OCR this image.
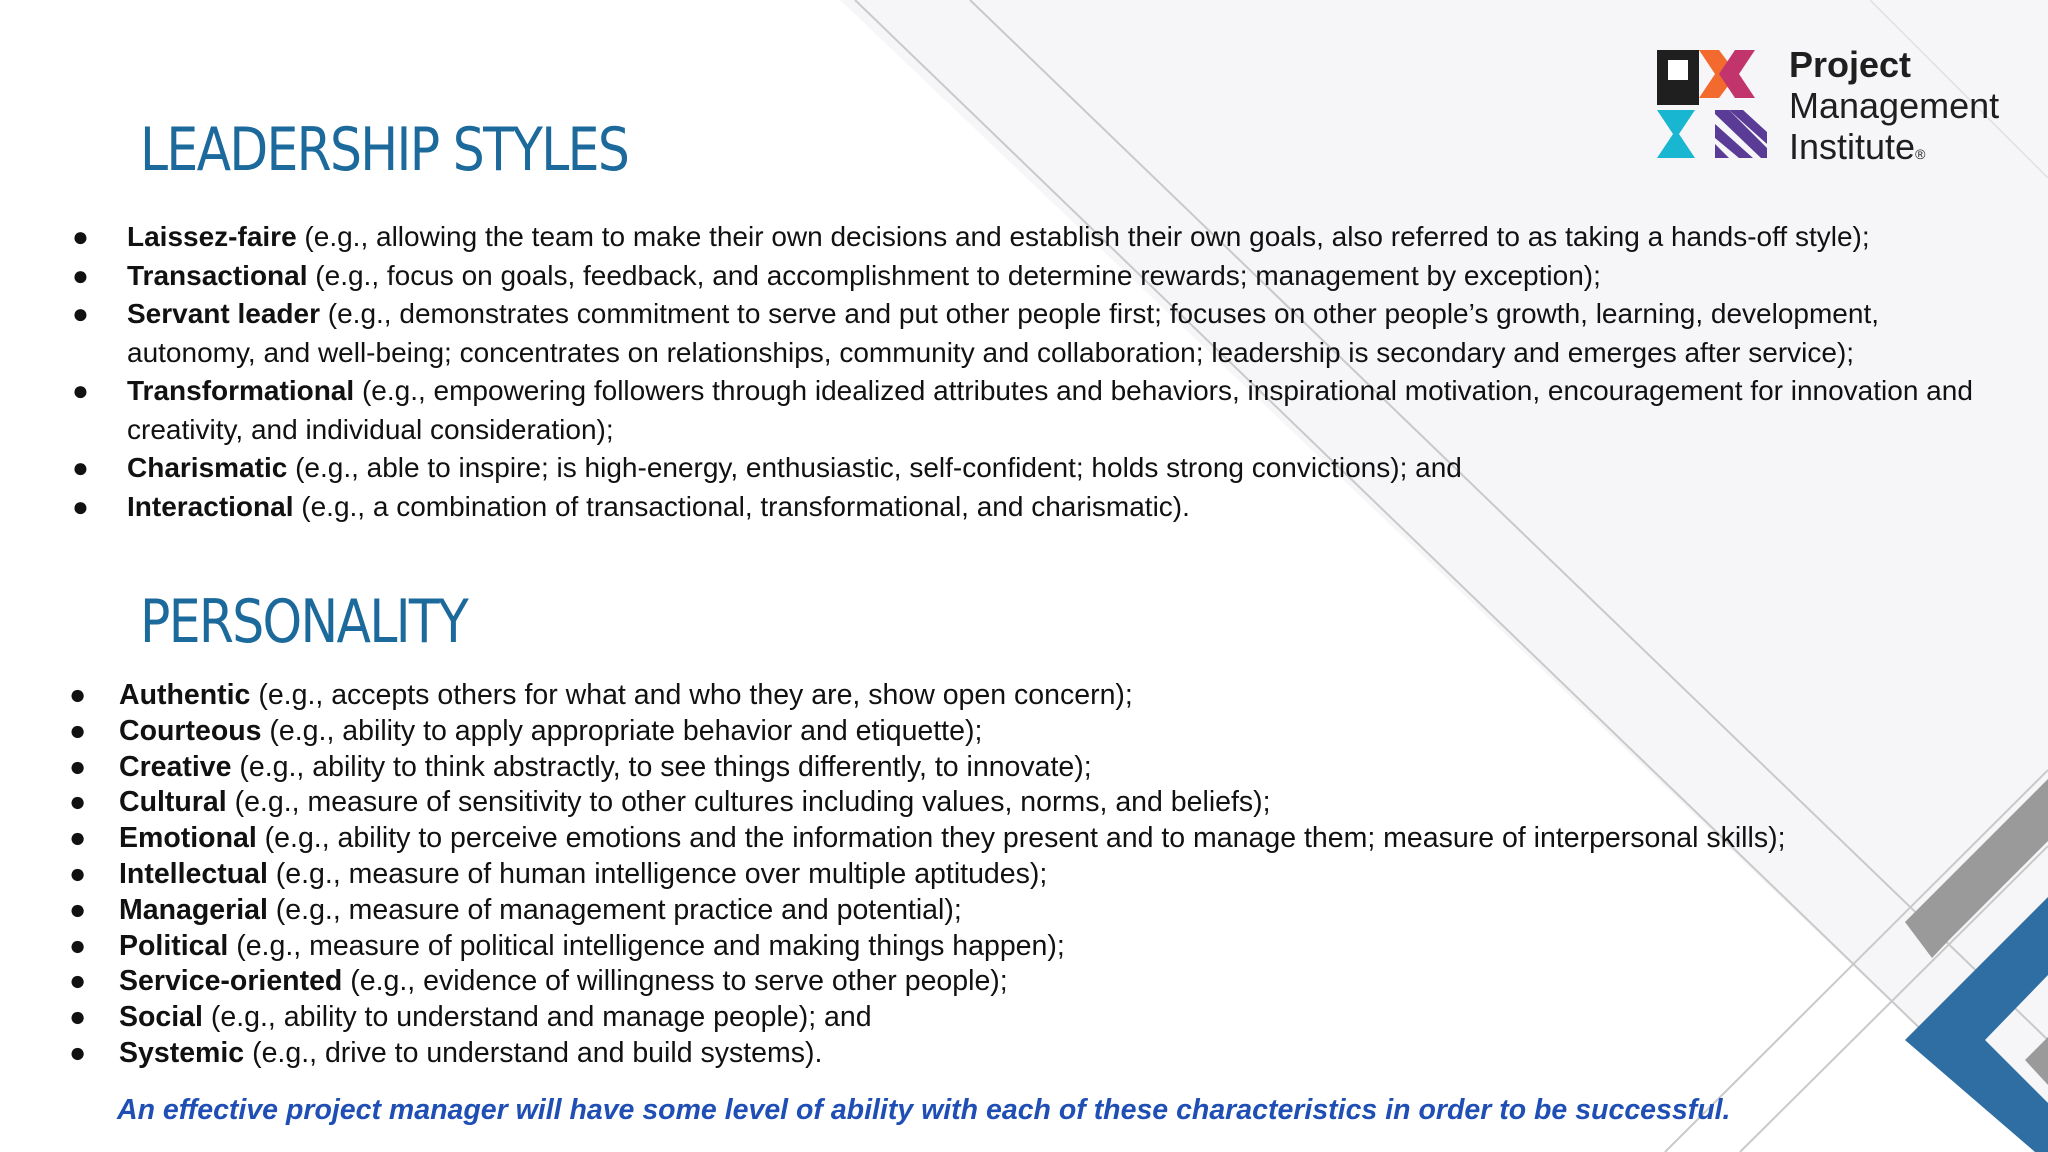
Project
Management
Institute®
LEADERSHIP STYLES
● Laissez-faire (e.g., allowing the team to make their own decisions and establish their own goals, also referred to as taking a hands-off style);
● Transactional (e.g., focus on goals, feedback, and accomplishment to determine rewards; management by exception);
● Servant leader (e.g., demonstrates commitment to serve and put other people first; focuses on other people’s growth, learning, development, autonomy, and well-being; concentrates on relationships, community and collaboration; leadership is secondary and emerges after service);
● Transformational (e.g., empowering followers through idealized attributes and behaviors, inspirational motivation, encouragement for innovation and creativity, and individual consideration);
● Charismatic (e.g., able to inspire; is high-energy, enthusiastic, self-confident; holds strong convictions); and
● Interactional (e.g., a combination of transactional, transformational, and charismatic).
PERSONALITY
● Authentic (e.g., accepts others for what and who they are, show open concern);
● Courteous (e.g., ability to apply appropriate behavior and etiquette);
● Creative (e.g., ability to think abstractly, to see things differently, to innovate);
● Cultural (e.g., measure of sensitivity to other cultures including values, norms, and beliefs);
● Emotional (e.g., ability to perceive emotions and the information they present and to manage them; measure of interpersonal skills);
● Intellectual (e.g., measure of human intelligence over multiple aptitudes);
● Managerial (e.g., measure of management practice and potential);
● Political (e.g., measure of political intelligence and making things happen);
● Service-oriented (e.g., evidence of willingness to serve other people);
● Social (e.g., ability to understand and manage people); and
● Systemic (e.g., drive to understand and build systems).

An effective project manager will have some level of ability with each of these characteristics in order to be successful.
